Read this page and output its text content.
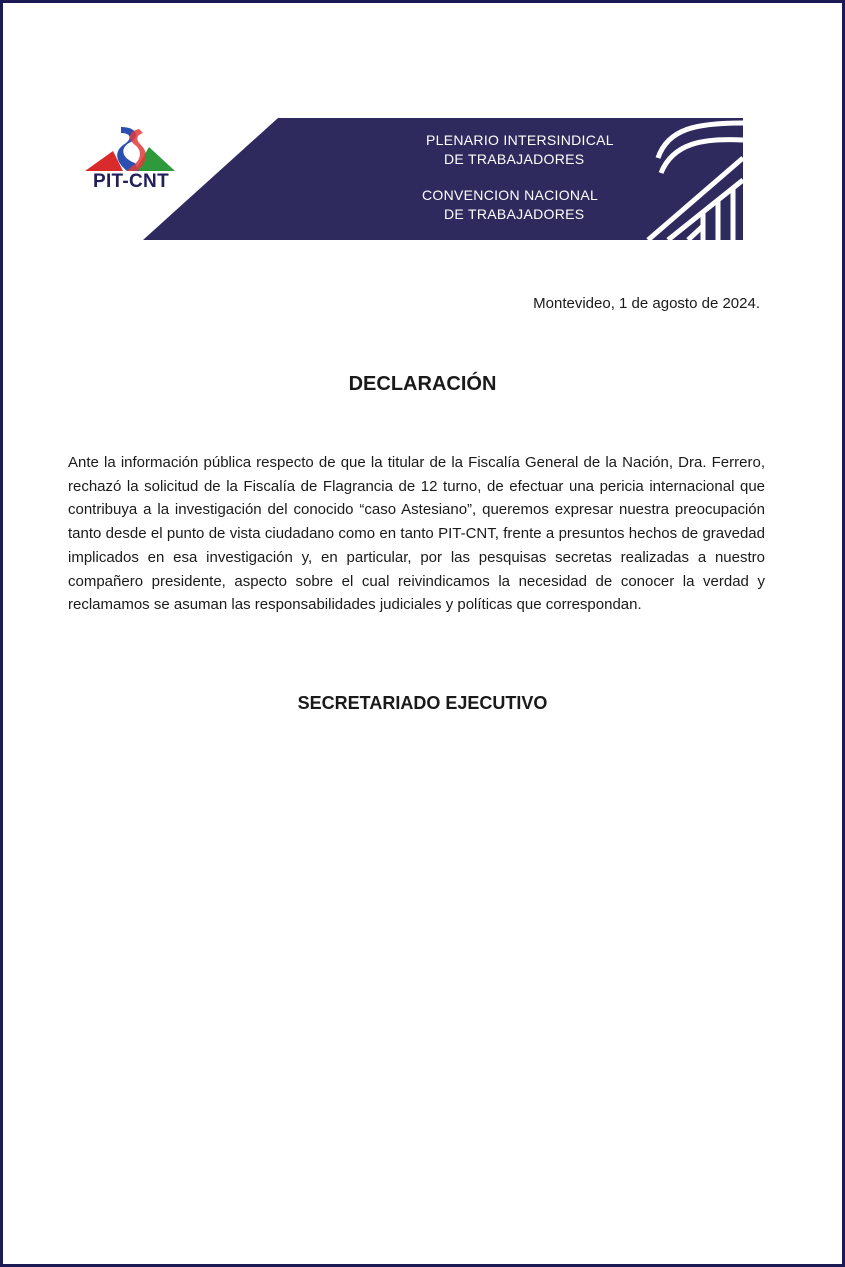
PIT-CNT
PLENARIO INTERSINDICAL
DE TRABAJADORES
CONVENCION NACIONAL
DE TRABAJADORES
Montevideo, 1 de agosto de 2024.
DECLARACIÓN
Ante la información pública respecto de que la titular de la Fiscalía General de la Nación, Dra. Ferrero, rechazó la solicitud de la Fiscalía de Flagrancia de 12 turno, de efectuar una pericia internacional que contribuya a la investigación del conocido “caso Astesiano”, queremos expresar nuestra preocupación tanto desde el punto de vista ciudadano como en tanto PIT-CNT, frente a presuntos hechos de gravedad implicados en esa investigación y, en particular, por las pesquisas secretas realizadas a nuestro compañero presidente, aspecto sobre el cual reivindicamos la necesidad de conocer la verdad y reclamamos se asuman las responsabilidades judiciales y políticas que correspondan.
SECRETARIADO EJECUTIVO
